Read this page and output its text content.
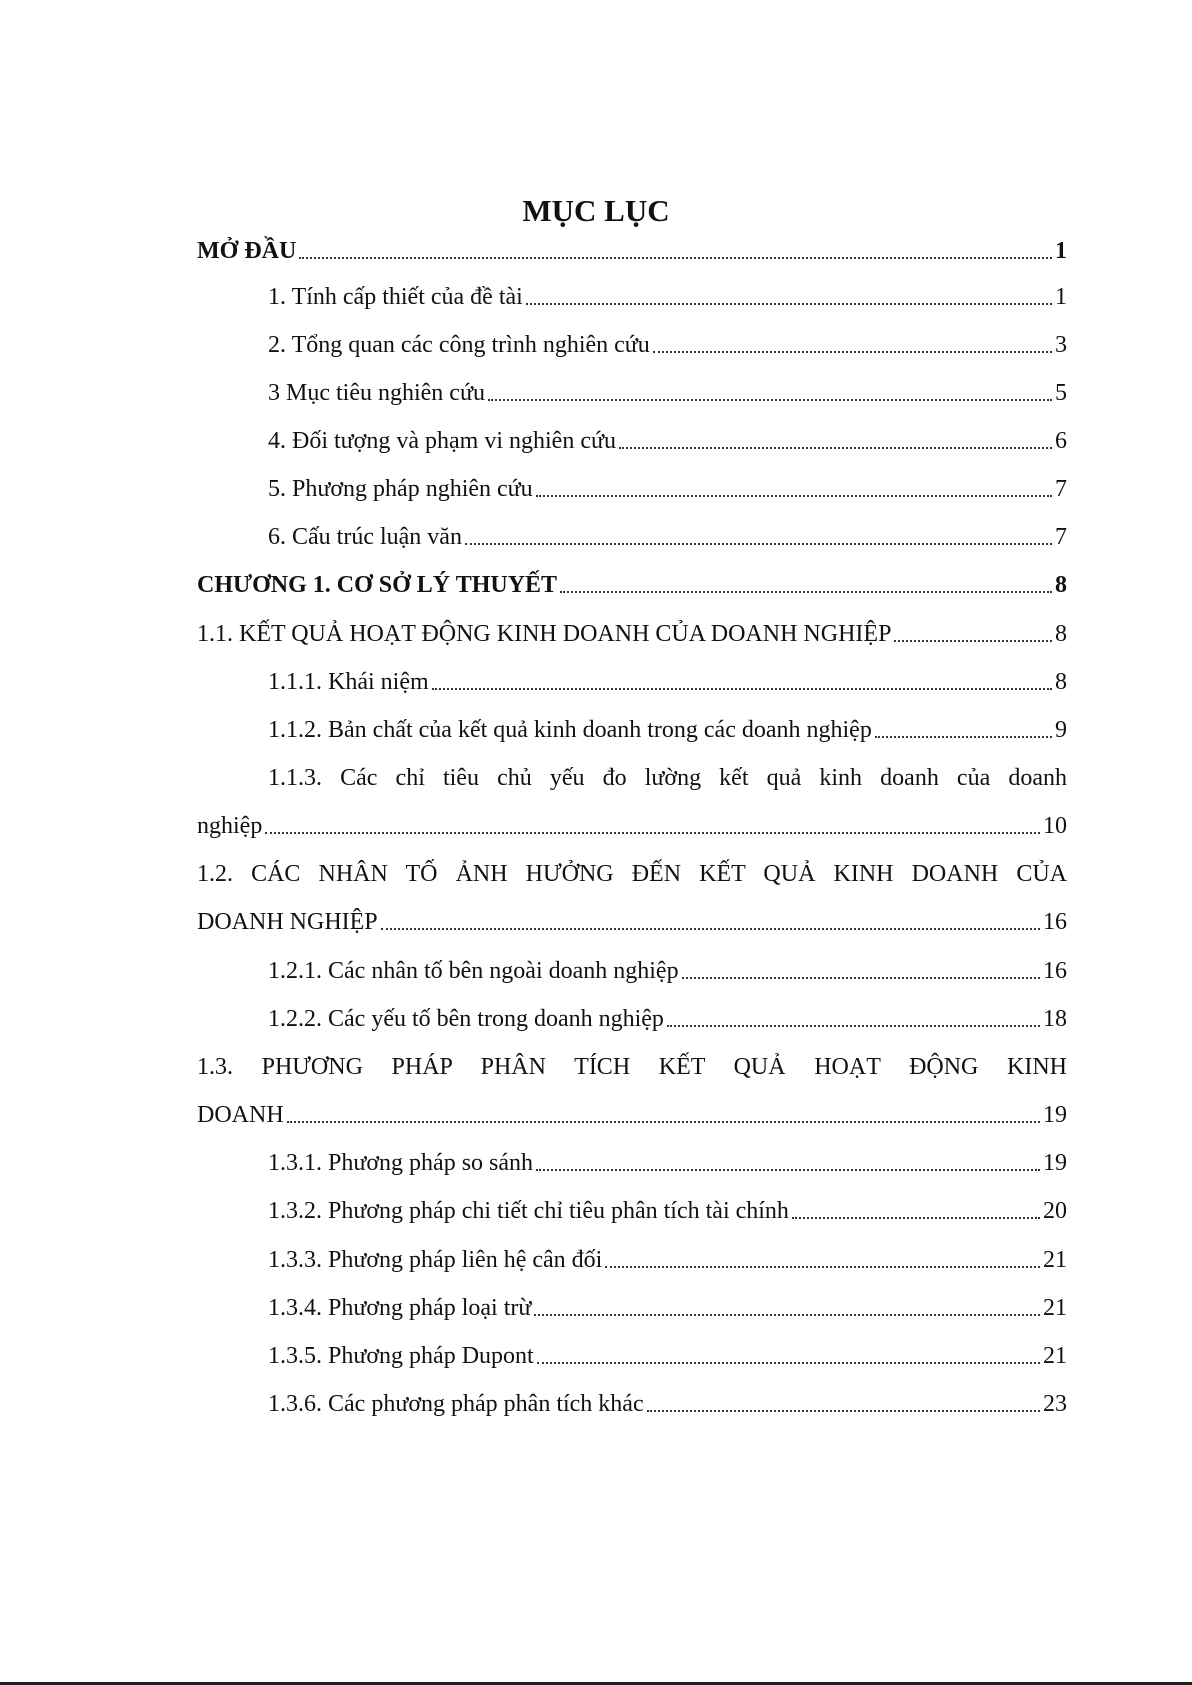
MỤC LỤC
MỞ ĐẦU	1
1. Tính cấp thiết của đề tài	1
2. Tổng quan các công trình nghiên cứu	3
3 Mục tiêu nghiên cứu	5
4. Đối tượng và phạm vi nghiên cứu	6
5. Phương pháp nghiên cứu	7
6. Cấu trúc luận văn	7
CHƯƠNG 1. CƠ SỞ LÝ THUYẾT	8
1.1. KẾT QUẢ HOẠT ĐỘNG KINH DOANH CỦA DOANH NGHIỆP	8
1.1.1. Khái niệm	8
1.1.2. Bản chất của kết quả kinh doanh trong các doanh nghiệp	9
1.1.3. Các chỉ tiêu chủ yếu đo lường kết quả kinh doanh của doanh
nghiệp	10
1.2. CÁC NHÂN TỐ ẢNH HƯỞNG ĐẾN KẾT QUẢ KINH DOANH CỦA
DOANH NGHIỆP	16
1.2.1. Các nhân tố bên ngoài doanh nghiệp	16
1.2.2. Các yếu tố bên trong doanh nghiệp	18
1.3. PHƯƠNG PHÁP PHÂN TÍCH KẾT QUẢ HOẠT ĐỘNG KINH
DOANH	19
1.3.1. Phương pháp so sánh	19
1.3.2. Phương pháp chi tiết chỉ tiêu phân tích tài chính	20
1.3.3. Phương pháp liên hệ cân đối	21
1.3.4. Phương pháp loại trừ	21
1.3.5. Phương pháp Dupont	21
1.3.6. Các phương pháp phân tích khác	23
